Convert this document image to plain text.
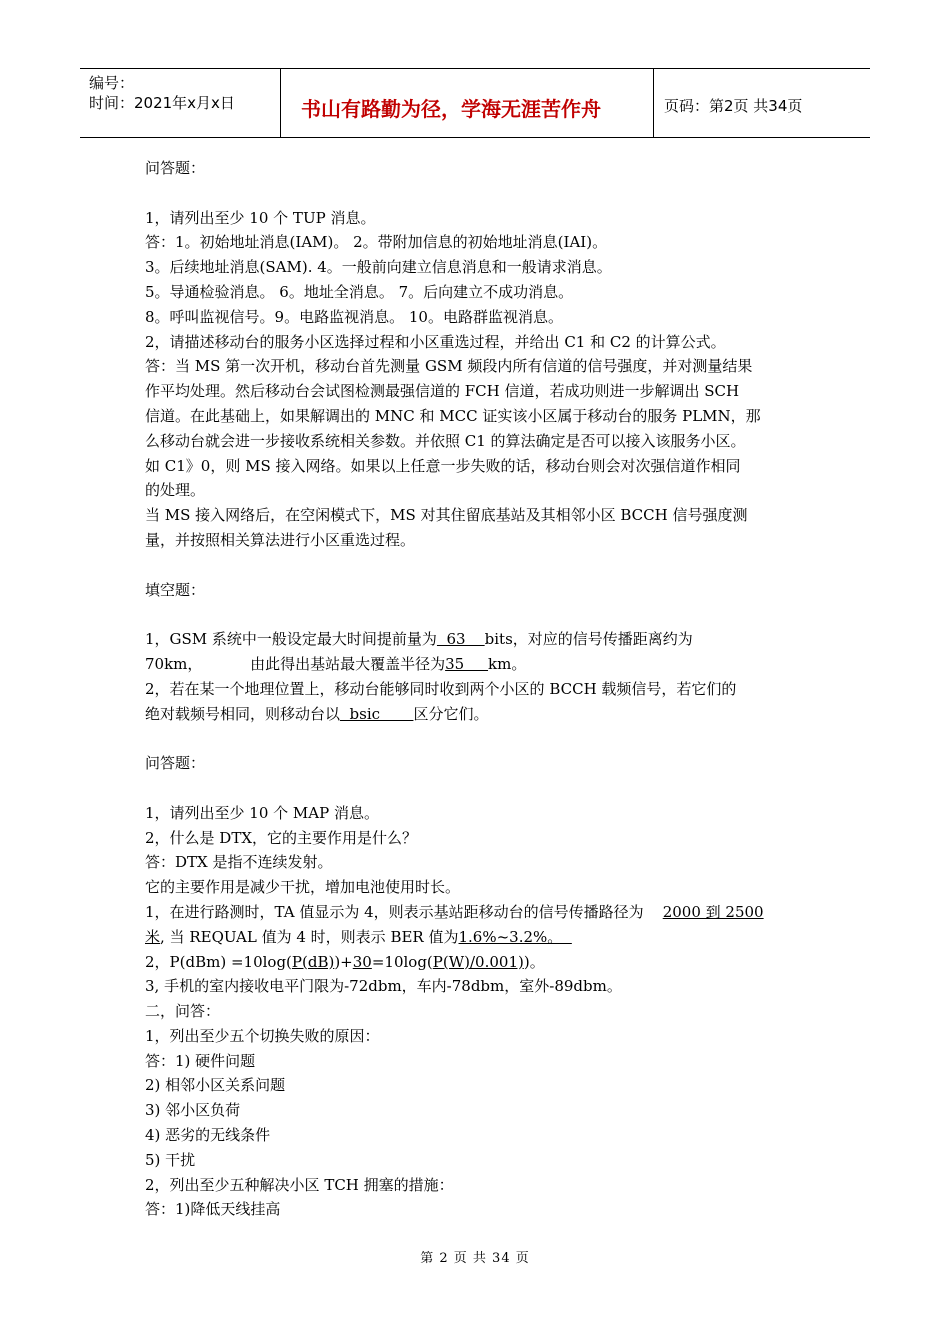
编号：
时间：2021年x月x日	书山有路勤为径，学海无涯苦作舟	页码：第2页 共34页

问答题：

1，请列出至少 10 个 TUP 消息。

答：1。初始地址消息(IAM)。 2。带附加信息的初始地址消息(IAI)。

3。后续地址消息(SAM). 4。一般前向建立信息消息和一般请求消息。

5。导通检验消息。 6。地址全消息。 7。后向建立不成功消息。

8。呼叫监视信号。9。电路监视消息。 10。电路群监视消息。

2，请描述移动台的服务小区选择过程和小区重选过程，并给出 C1 和 C2 的计算公式。

答：当 MS 第一次开机，移动台首先测量 GSM 频段内所有信道的信号强度，并对测量结果

作平均处理。然后移动台会试图检测最强信道的 FCH 信道，若成功则进一步解调出 SCH

信道。在此基础上，如果解调出的 MNC 和 MCC 证实该小区属于移动台的服务 PLMN，那

么移动台就会进一步接收系统相关参数。并依照 C1 的算法确定是否可以接入该服务小区。

如 C1》0，则 MS 接入网络。如果以上任意一步失败的话，移动台则会对次强信道作相同

的处理。

当 MS 接入网络后，在空闲模式下，MS 对其住留底基站及其相邻小区 BCCH 信号强度测

量，并按照相关算法进行小区重选过程。

填空题：

1，GSM 系统中一般设定最大时间提前量为  63    bits，对应的信号传播距离约为

70km，          由此得出基站最大覆盖半径为35     km。

2，若在某一个地理位置上，移动台能够同时收到两个小区的 BCCH 载频信号，若它们的

绝对载频号相同，则移动台以  bsic       区分它们。

问答题：

1，请列出至少 10 个 MAP 消息。

2，什么是 DTX，它的主要作用是什么？

答：DTX 是指不连续发射。

它的主要作用是减少干扰，增加电池使用时长。

1，在进行路测时，TA 值显示为 4，则表示基站距移动台的信号传播路径为    2000 到 2500

米, 当 REQUAL 值为 4 时，则表示 BER 值为1.6%~3.2%。

2，P(dBm) =10log(P(dB))+30=10log(P(W)/0.001))。

3, 手机的室内接收电平门限为-72dbm，车内-78dbm，室外-89dbm。

二，问答：

1，列出至少五个切换失败的原因：

答：1) 硬件问题

2) 相邻小区关系问题

3) 邻小区负荷

4) 恶劣的无线条件

5) 干扰

2，列出至少五种解决小区 TCH 拥塞的措施：

答：1)降低天线挂高

第 2 页 共 34 页
